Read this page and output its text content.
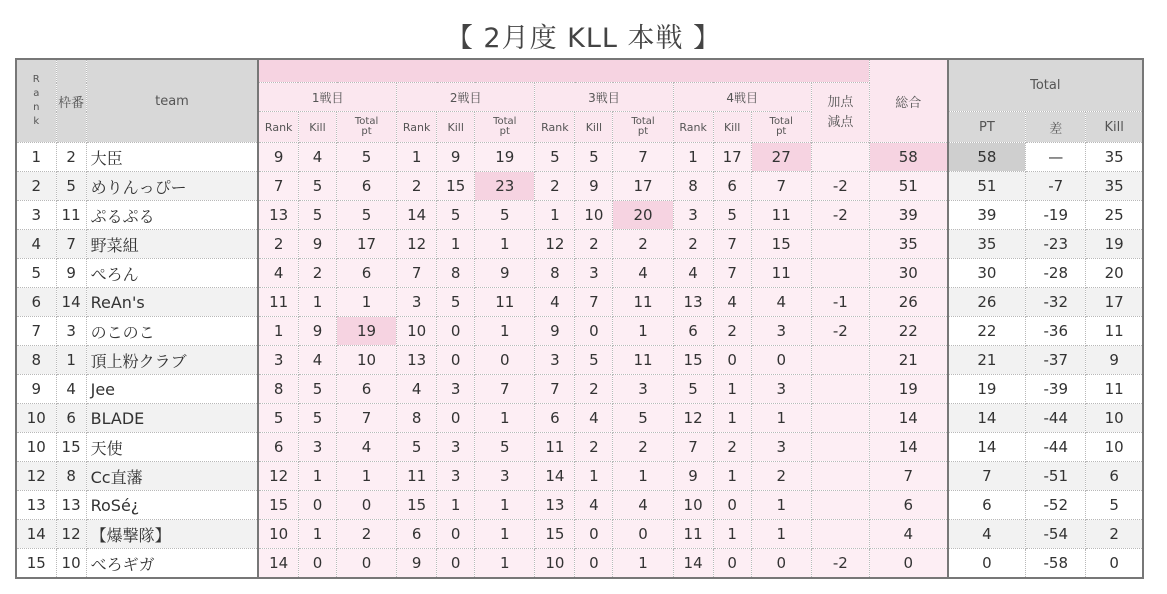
【 2月度 KLL 本戦 】
R a n k	枠番	team														総合	Total		
			1戦目			2戦目			3戦目			4戦目			加点減点				
			Rank	Kill	Total pt	Rank	Kill	Total pt	Rank	Kill	Total pt	Rank	Kill	Total pt			PT	差	Kill
1	2	大臣	9	4	5	1	9	19	5	5	7	1	17	27		58	58	—	35
2	5	めりんっぴー	7	5	6	2	15	23	2	9	17	8	6	7	-2	51	51	-7	35
3	11	ぷるぷる	13	5	5	14	5	5	1	10	20	3	5	11	-2	39	39	-19	25
4	7	野菜組	2	9	17	12	1	1	12	2	2	2	7	15		35	35	-23	19
5	9	ぺろん	4	2	6	7	8	9	8	3	4	4	7	11		30	30	-28	20
6	14	ReAn's	11	1	1	3	5	11	4	7	11	13	4	4	-1	26	26	-32	17
7	3	のこのこ	1	9	19	10	0	1	9	0	1	6	2	3	-2	22	22	-36	11
8	1	頂上粉クラブ	3	4	10	13	0	0	3	5	11	15	0	0		21	21	-37	9
9	4	Jee	8	5	6	4	3	7	7	2	3	5	1	3		19	19	-39	11
10	6	BLADE	5	5	7	8	0	1	6	4	5	12	1	1		14	14	-44	10
10	15	天使	6	3	4	5	3	5	11	2	2	7	2	3		14	14	-44	10
12	8	Cc直藩	12	1	1	11	3	3	14	1	1	9	1	2		7	7	-51	6
13	13	RoSé¿	15	0	0	15	1	1	13	4	4	10	0	1		6	6	-52	5
14	12	【爆撃隊】	10	1	2	6	0	1	15	0	0	11	1	1		4	4	-54	2
15	10	べろギガ	14	0	0	9	0	1	10	0	1	14	0	0	-2	0	0	-58	0
